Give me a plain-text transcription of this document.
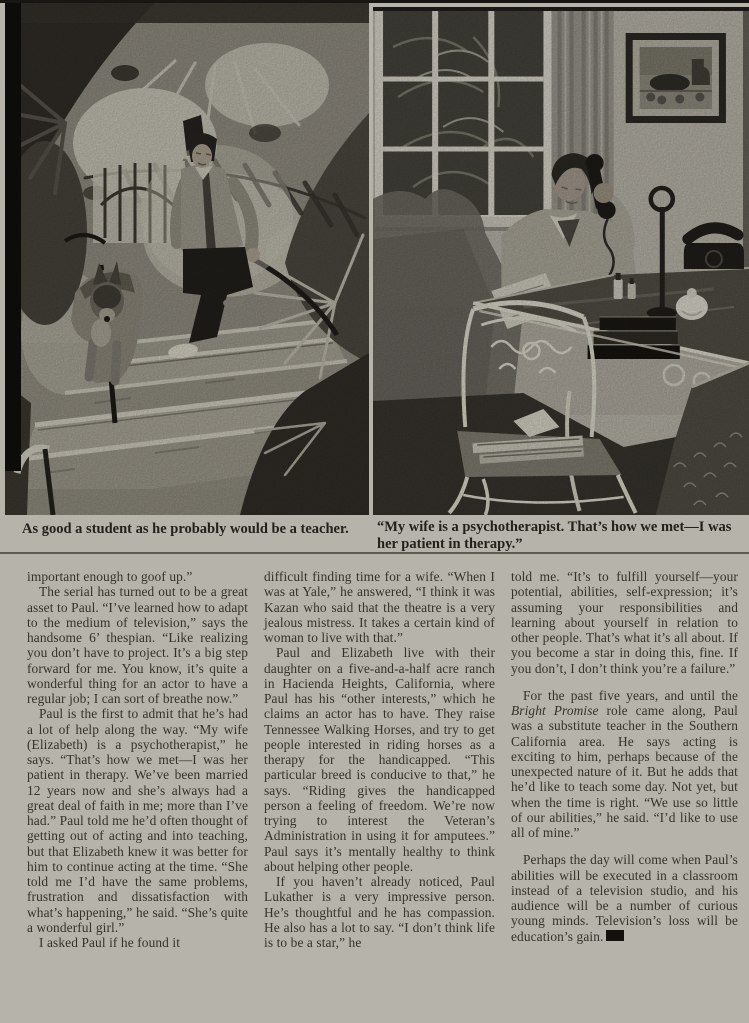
As good a student as he probably would be a teacher.	“My wife is a psychotherapist. That’s how we met—I was her patient in therapy.”

important enough to goof up.”

The serial has turned out to be a great asset to Paul. “I’ve learned how to adapt to the medium of television,” says the handsome 6’ thespian. “Like realizing you don’t have to project. It’s a big step forward for me. You know, it’s quite a wonderful thing for an actor to have a regular job; I can sort of breathe now.”

Paul is the first to admit that he’s had a lot of help along the way. “My wife (Elizabeth) is a psychotherapist,” he says. “That’s how we met—I was her patient in therapy. We’ve been married 12 years now and she’s always had a great deal of faith in me; more than I’ve had.” Paul told me he’d often thought of getting out of acting and into teaching, but that Elizabeth knew it was better for him to continue acting at the time. “She told me I’d have the same problems, frustration and dissatisfaction with what’s happening,” he said. “She’s quite a wonderful girl.”

I asked Paul if he found it

difficult finding time for a wife. “When I was at Yale,” he answered, “I think it was Kazan who said that the theatre is a very jealous mistress. It takes a certain kind of woman to live with that.”

Paul and Elizabeth live with their daughter on a five-and-a-half acre ranch in Hacienda Heights, California, where Paul has his “other interests,” which he claims an actor has to have. They raise Tennessee Walking Horses, and try to get people interested in riding horses as a therapy for the handicapped. “This particular breed is conducive to that,” he says. “Riding gives the handicapped person a feeling of freedom. We’re now trying to interest the Veteran’s Administration in using it for amputees.” Paul says it’s mentally healthy to think about helping other people.

If you haven’t already noticed, Paul Lukather is a very impressive person. He’s thoughtful and he has compassion. He also has a lot to say. “I don’t think life is to be a star,” he

told me. “It’s to fulfill yourself—your potential, abilities, self-expression; it’s assuming your responsibilities and learning about yourself in relation to other people. That’s what it’s all about. If you become a star in doing this, fine. If you don’t, I don’t think you’re a failure.”

For the past five years, and until the Bright Promise role came along, Paul was a substitute teacher in the Southern California area. He says acting is exciting to him, perhaps because of the unexpected nature of it. But he adds that he’d like to teach some day. Not yet, but when the time is right. “We use so little of our abilities,” he said. “I’d like to use all of mine.”

Perhaps the day will come when Paul’s abilities will be executed in a classroom instead of a television studio, and his audience will be a number of curious young minds. Television’s loss will be education’s gain.
